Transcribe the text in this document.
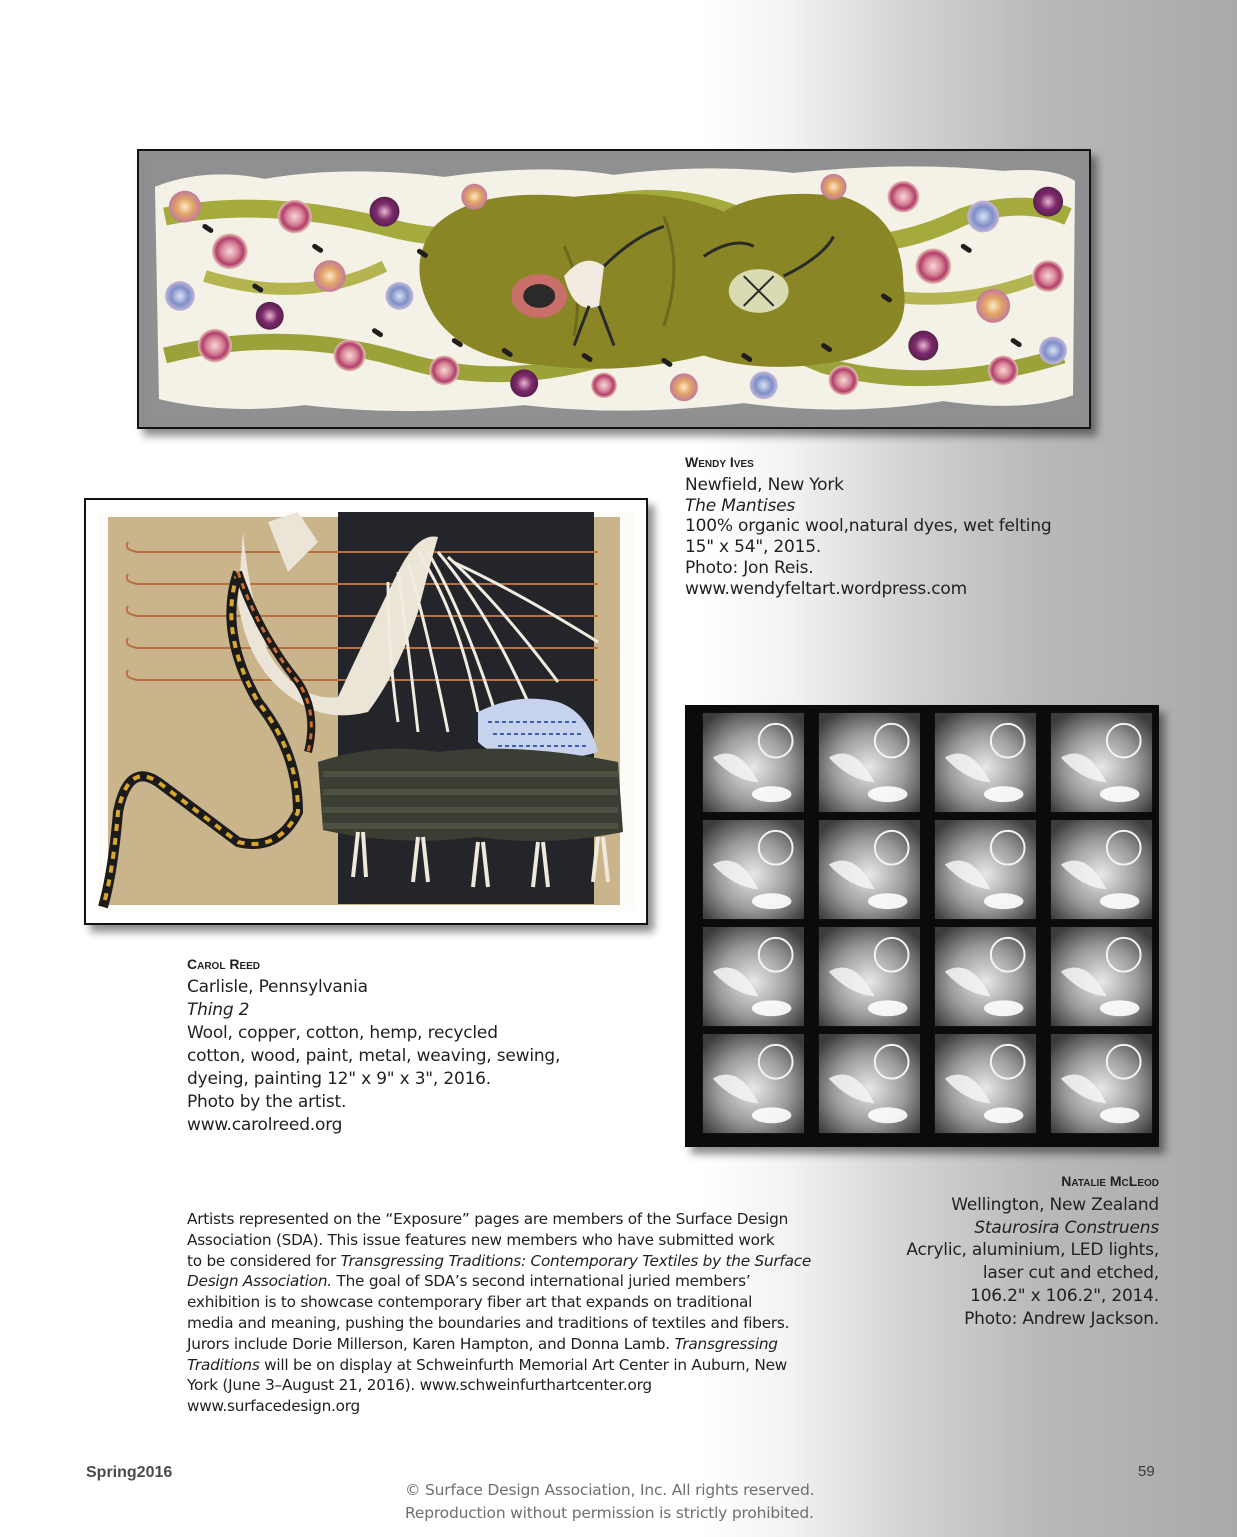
Wendy Ives
Newfield, New York
The Mantises
100% organic wool,natural dyes, wet felting
15" x 54", 2015.
Photo: Jon Reis.
www.wendyfeltart.wordpress.com
Carol Reed
Carlisle, Pennsylvania
Thing 2
Wool, copper, cotton, hemp, recycled
cotton, wood, paint, metal, weaving, sewing,
dyeing, painting 12" x 9" x 3", 2016.
Photo by the artist.
www.carolreed.org
Natalie McLeod
Wellington, New Zealand
Staurosira Construens
Acrylic, aluminium, LED lights,
laser cut and etched,
106.2" x 106.2", 2014.
Photo: Andrew Jackson.
Artists represented on the “Exposure” pages are members of the Surface Design
Association (SDA). This issue features new members who have submitted work
to be considered for Transgressing Traditions: Contemporary Textiles by the Surface
Design Association. The goal of SDA’s second international juried members’
exhibition is to showcase contemporary fiber art that expands on traditional
media and meaning, pushing the boundaries and traditions of textiles and fibers.
Jurors include Dorie Millerson, Karen Hampton, and Donna Lamb. Transgressing
Traditions will be on display at Schweinfurth Memorial Art Center in Auburn, New
York (June 3–August 21, 2016). www.schweinfurthartcenter.org
www.surfacedesign.org
Spring2016	59
© Surface Design Association, Inc. All rights reserved.
Reproduction without permission is strictly prohibited.
